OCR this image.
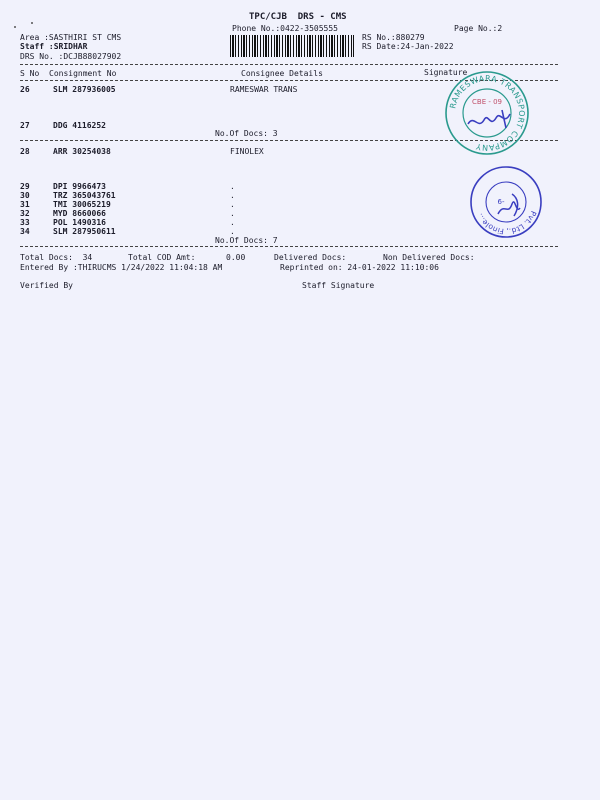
TPC/CJB  DRS - CMS
Phone No.:0422-3505555	Page No.:2
Area :SASTHIRI ST CMS
Staff :SRIDHAR
DRS No. :DCJB88027902
RS No.:880279
RS Date:24-Jan-2022
S No Consignment No	Consignee Details	Signature
26	SLM 287936005	RAMESWAR TRANS
27	DDG 4116252
No.Of Docs: 3
28	ARR 30254038	FINOLEX
29	DPI 9966473	.
30	TRZ 365043761	.
31	TMI 30065219	.
32	MYD 8660066	.
33	POL 1490316	.
34	SLM 287950611	.
No.Of Docs: 7
Total Docs:  34	Total COD Amt:	0.00	Delivered Docs:	Non Delivered Docs:
Entered By :THIRUCMS 1/24/2022 11:04:18 AM	Reprinted on: 24-01-2022 11:10:06
Verified By	Staff Signature
RAMESWARA TRANSPORT COMPANY
CBE - 09
Pvt. Ltd., Finole...
6-
